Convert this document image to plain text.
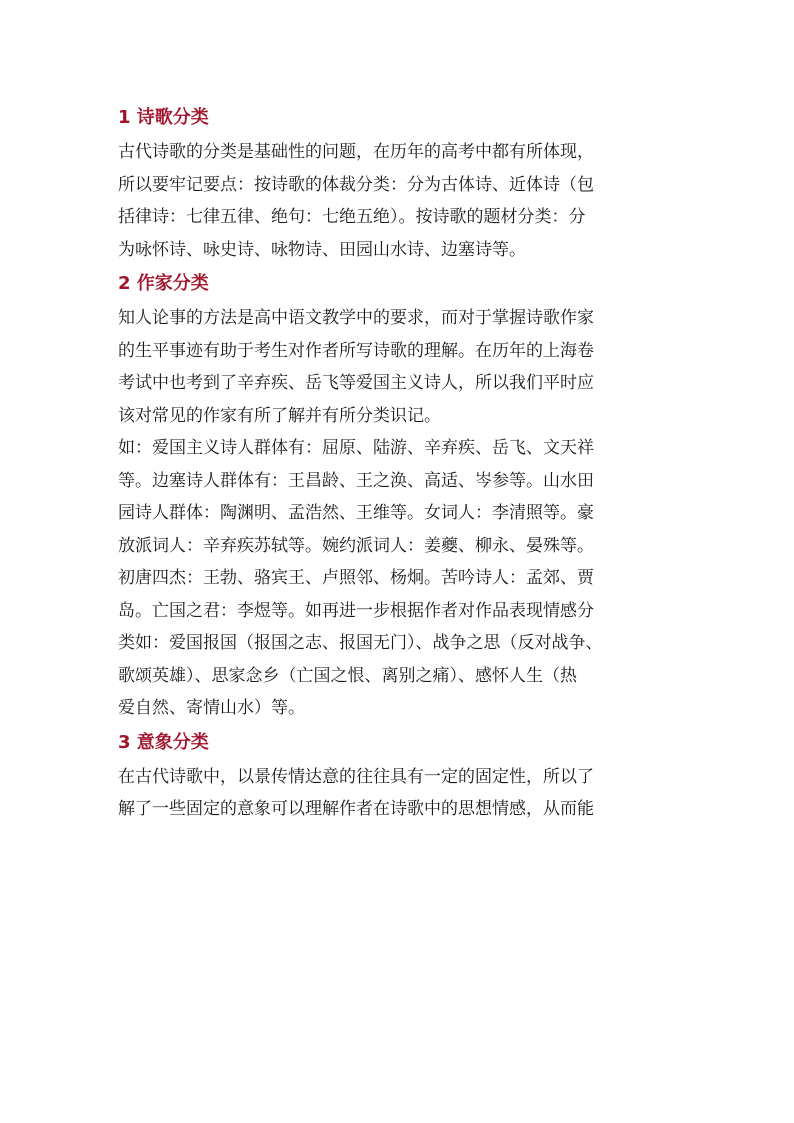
1 诗歌分类

古代诗歌的分类是基础性的问题，在历年的高考中都有所体现，
所以要牢记要点：按诗歌的体裁分类：分为古体诗、近体诗（包
括律诗：七律五律、绝句：七绝五绝）。按诗歌的题材分类：分
为咏怀诗、咏史诗、咏物诗、田园山水诗、边塞诗等。

2 作家分类

知人论事的方法是高中语文教学中的要求，而对于掌握诗歌作家
的生平事迹有助于考生对作者所写诗歌的理解。在历年的上海卷
考试中也考到了辛弃疾、岳飞等爱国主义诗人，所以我们平时应
该对常见的作家有所了解并有所分类识记。
如：爱国主义诗人群体有：屈原、陆游、辛弃疾、岳飞、文天祥
等。边塞诗人群体有：王昌龄、王之涣、高适、岑参等。山水田
园诗人群体：陶渊明、孟浩然、王维等。女词人：李清照等。豪
放派词人：辛弃疾苏轼等。婉约派词人：姜夔、柳永、晏殊等。
初唐四杰：王勃、骆宾王、卢照邻、杨炯。苦吟诗人：孟郊、贾
岛。亡国之君：李煜等。如再进一步根据作者对作品表现情感分
类如：爱国报国（报国之志、报国无门）、战争之思（反对战争、
歌颂英雄）、思家念乡（亡国之恨、离别之痛）、感怀人生（热
爱自然、寄情山水）等。

3 意象分类

在古代诗歌中，以景传情达意的往往具有一定的固定性，所以了
解了一些固定的意象可以理解作者在诗歌中的思想情感，从而能
